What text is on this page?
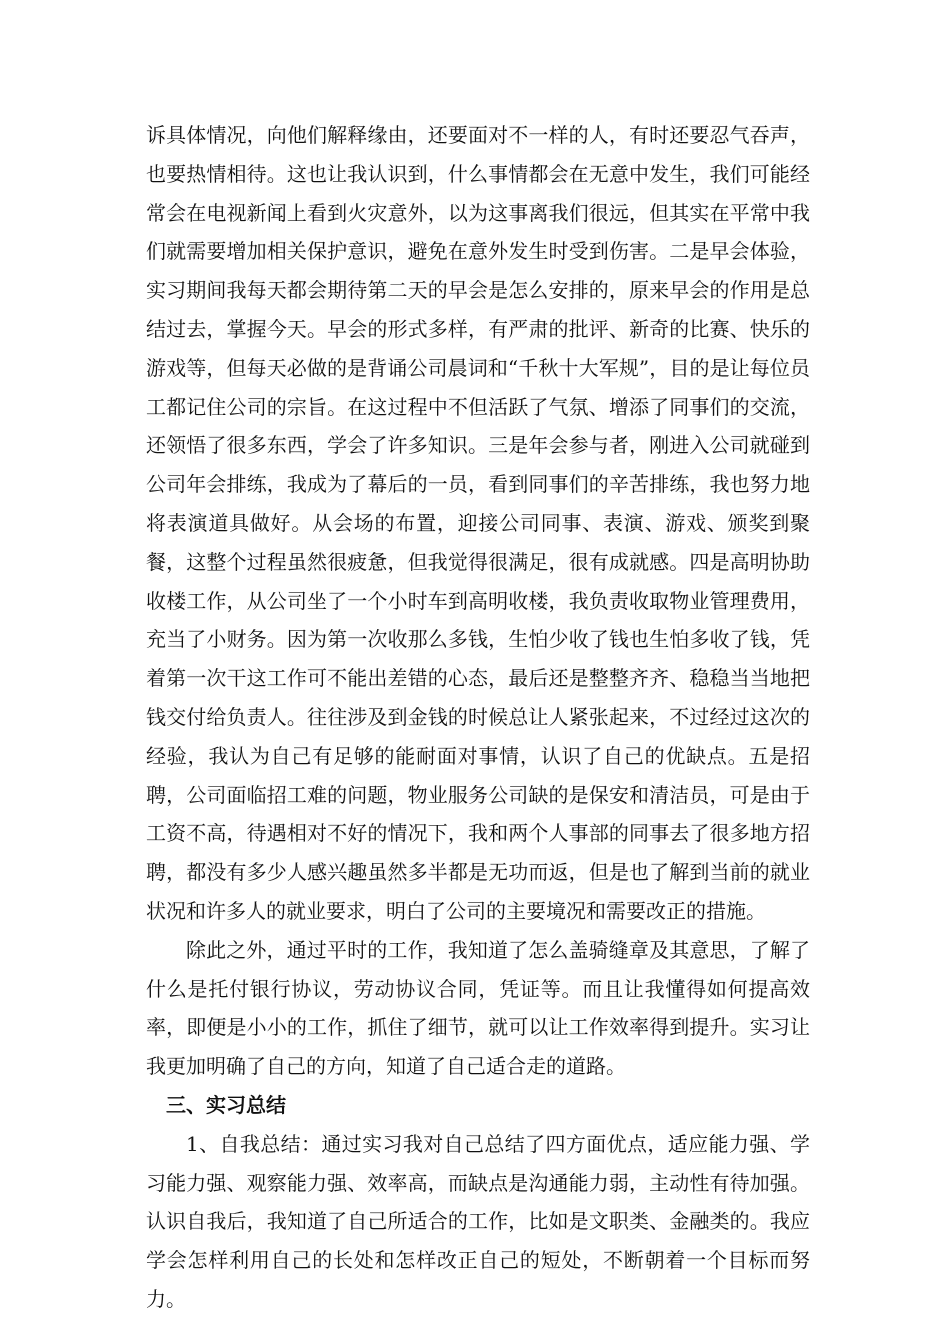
诉具体情况，向他们解释缘由，还要面对不一样的人，有时还要忍气吞声，也要热情相待。这也让我认识到，什么事情都会在无意中发生，我们可能经常会在电视新闻上看到火灾意外，以为这事离我们很远，但其实在平常中我们就需要增加相关保护意识，避免在意外发生时受到伤害。二是早会体验，实习期间我每天都会期待第二天的早会是怎么安排的，原来早会的作用是总结过去，掌握今天。早会的形式多样，有严肃的批评、新奇的比赛、快乐的游戏等，但每天必做的是背诵公司晨词和“千秋十大军规”，目的是让每位员工都记住公司的宗旨。在这过程中不但活跃了气氛、增添了同事们的交流，还领悟了很多东西，学会了许多知识。三是年会参与者，刚进入公司就碰到公司年会排练，我成为了幕后的一员，看到同事们的辛苦排练，我也努力地将表演道具做好。从会场的布置，迎接公司同事、表演、游戏、颁奖到聚餐，这整个过程虽然很疲惫，但我觉得很满足，很有成就感。四是高明协助收楼工作，从公司坐了一个小时车到高明收楼，我负责收取物业管理费用，充当了小财务。因为第一次收那么多钱，生怕少收了钱也生怕多收了钱，凭着第一次干这工作可不能出差错的心态，最后还是整整齐齐、稳稳当当地把钱交付给负责人。往往涉及到金钱的时候总让人紧张起来，不过经过这次的经验，我认为自己有足够的能耐面对事情，认识了自己的优缺点。五是招聘，公司面临招工难的问题，物业服务公司缺的是保安和清洁员，可是由于工资不高，待遇相对不好的情况下，我和两个人事部的同事去了很多地方招聘，都没有多少人感兴趣虽然多半都是无功而返，但是也了解到当前的就业状况和许多人的就业要求，明白了公司的主要境况和需要改正的措施。

除此之外，通过平时的工作，我知道了怎么盖骑缝章及其意思，了解了什么是托付银行协议，劳动协议合同，凭证等。而且让我懂得如何提高效率，即便是小小的工作，抓住了细节，就可以让工作效率得到提升。实习让我更加明确了自己的方向，知道了自己适合走的道路。

三、实习总结

1、自我总结：通过实习我对自己总结了四方面优点，适应能力强、学习能力强、观察能力强、效率高，而缺点是沟通能力弱，主动性有待加强。认识自我后，我知道了自己所适合的工作，比如是文职类、金融类的。我应学会怎样利用自己的长处和怎样改正自己的短处，不断朝着一个目标而努力。
